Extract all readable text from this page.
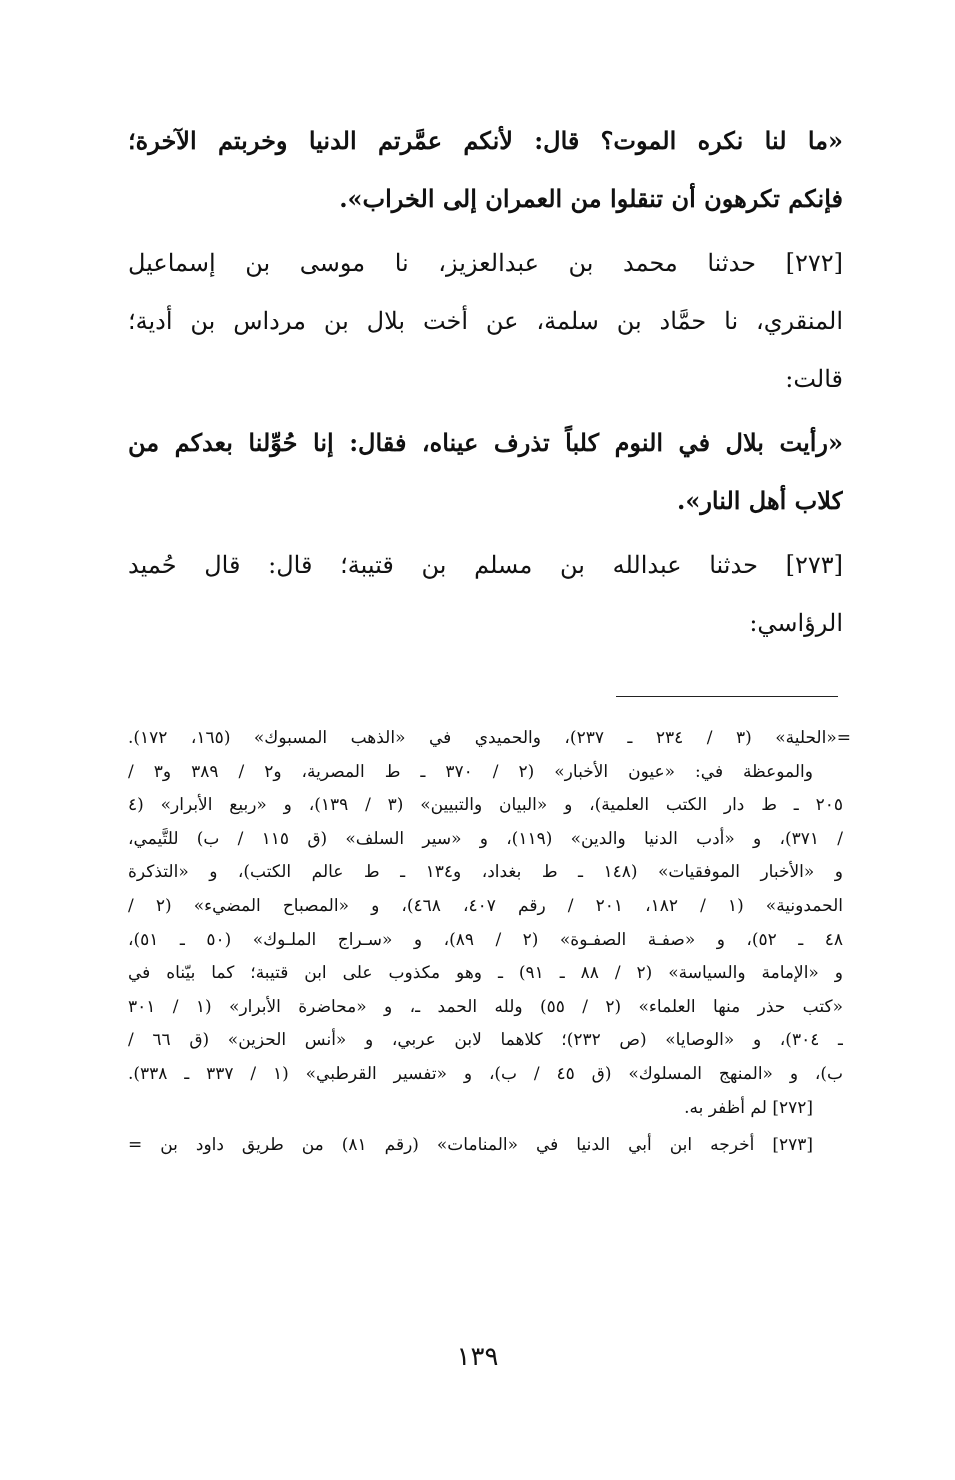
«ما لنا نكره الموت؟ قال: لأنكم عمَّرتم الدنيا وخربتم الآخرة؛
فإنكم تكرهون أن تنقلوا من العمران إلى الخراب».
[٢٧٢] حدثنا محمد بن عبدالعزيز، نا موسى بن إسماعيل
المنقري، نا حمَّاد بن سلمة، عن أخت بلال بن مرداس بن أدية؛
قالت:
«رأيت بلال في النوم كلباً تذرف عيناه، فقال: إنا حُوِّلنا بعدكم من
كلاب أهل النار».
[٢٧٣] حدثنا عبدالله بن مسلم بن قتيبة؛ قال: قال حُميد
الرؤاسي:
=«الحلية» (٣ / ٢٣٤ ـ ٢٣٧)، والحميدي في «الذهب المسبوك» (١٦٥، ١٧٢).
والموعظة في: «عيون الأخبار» (٢ / ٣٧٠ ـ ط المصرية، و٢ / ٣٨٩ و٣ /
٢٠٥ ـ ط دار الكتب العلمية)، و «البيان والتبيين» (٣ / ١٣٩)، و «ربيع الأبرار» (٤
/ ٣٧١)، و «أدب الدنيا والدين» (١١٩)، و «سير السلف» (ق ١١٥ / ب) للتَّيمي،
و «الأخبار الموفقيات» (١٤٨ ـ ط بغداد، و١٣٤ ـ ط عالم الكتب)، و «التذكرة
الحمدونية» (١ / ١٨٢، ٢٠١ / رقم ٤٠٧، ٤٦٨)، و «المصباح المضيء» (٢ /
٤٨ ـ ٥٢)، و «صفـة الصفـوة» (٢ / ٨٩)، و «سـراج الملـوك» (٥٠ ـ ٥١)،
و «الإمامة والسياسة» (٢ / ٨٨ ـ ٩١) ـ وهو مكذوب على ابن قتيبة؛ كما بيّناه في
«كتب حذر منها العلماء» (٢ / ٥٥) ولله الحمد ـ، و «محاضرة الأبرار» (١ / ٣٠١
ـ ٣٠٤)، و «الوصايا» (ص ٢٣٢)؛ كلاهما لابن عربي، و «أنس الحزين» (ق ٦٦ /
ب)، و «المنهج المسلوك» (ق ٤٥ / ب)، و «تفسير القرطبي» (١ / ٣٣٧ ـ ٣٣٨).
[٢٧٢] لم أظفر به.
[٢٧٣] أخرجه ابن أبي الدنيا في «المنامات» (رقم ٨١) من طريق داود بن =
١٣٩
